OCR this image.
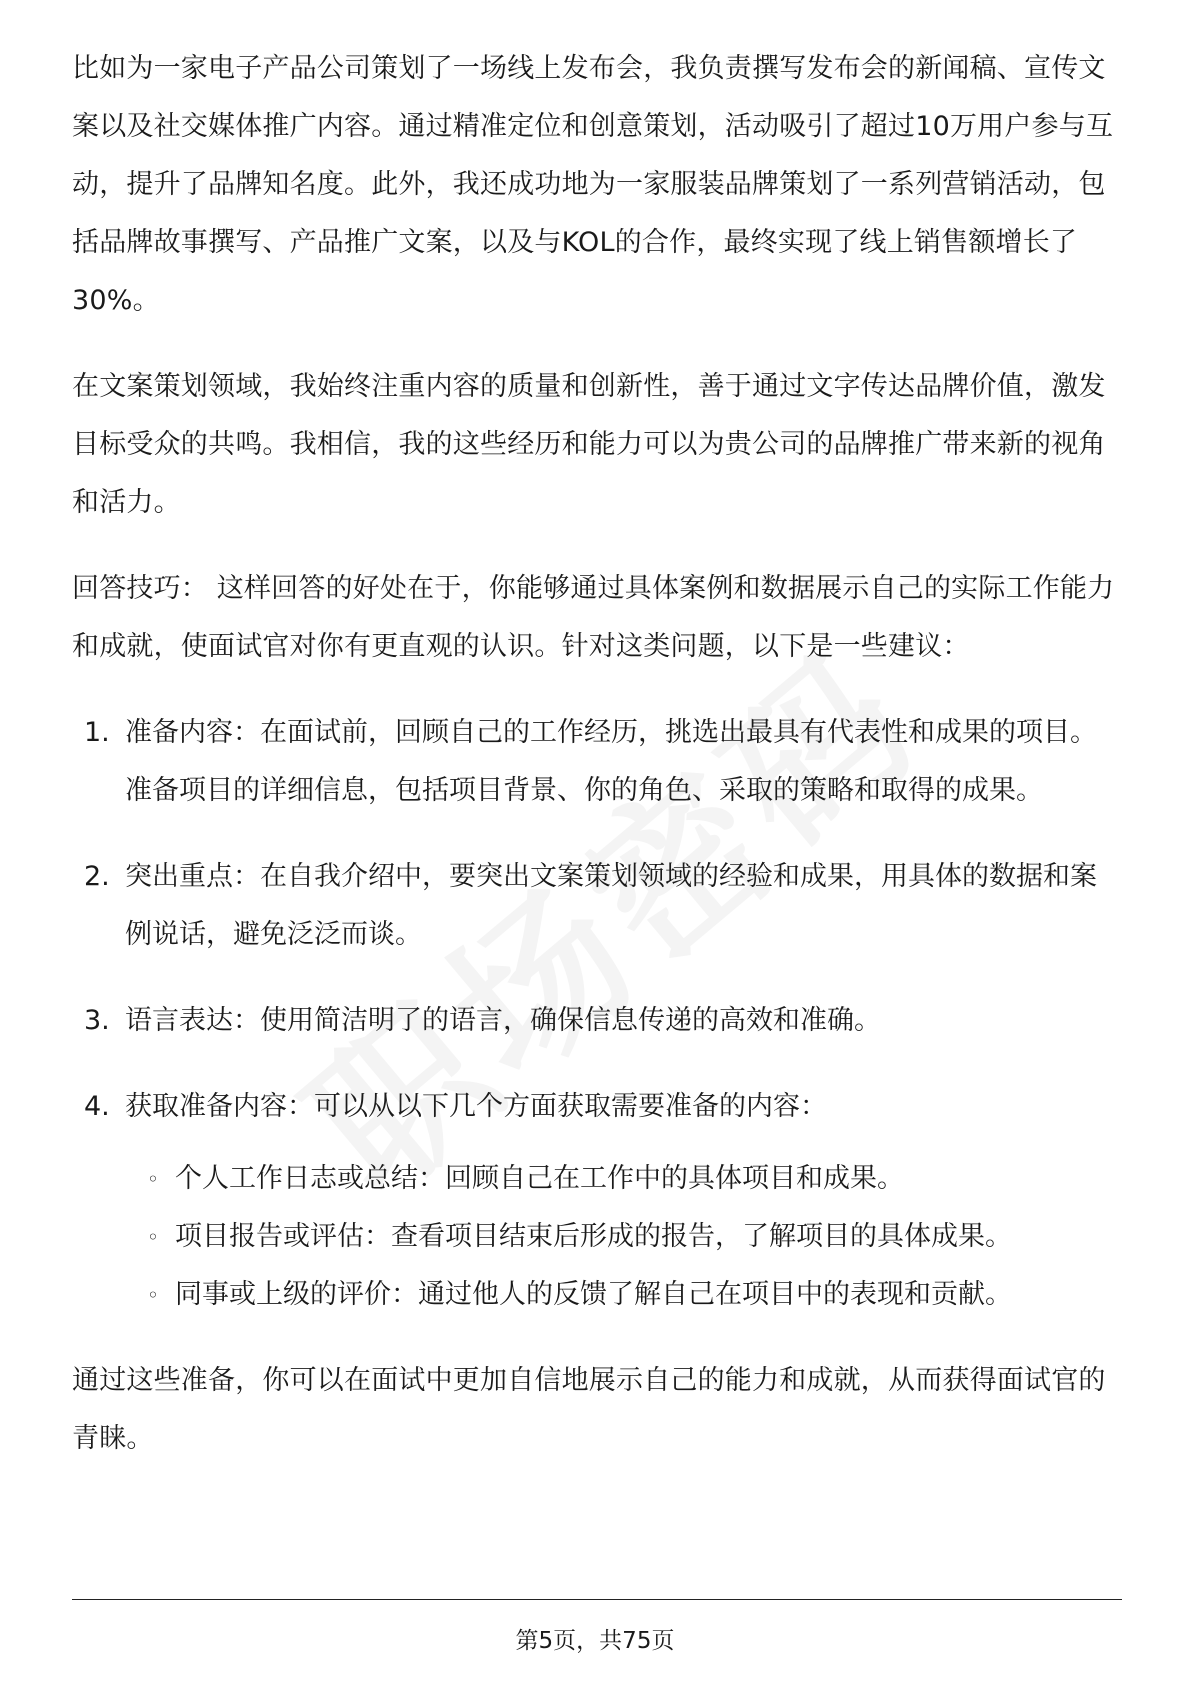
比如为一家电子产品公司策划了一场线上发布会，我负责撰写发布会的新闻稿、宣传文案以及社交媒体推广内容。通过精准定位和创意策划，活动吸引了超过10万用户参与互动，提升了品牌知名度。此外，我还成功地为一家服装品牌策划了一系列营销活动，包括品牌故事撰写、产品推广文案，以及与KOL的合作，最终实现了线上销售额增长了30%。

在文案策划领域，我始终注重内容的质量和创新性，善于通过文字传达品牌价值，激发目标受众的共鸣。我相信，我的这些经历和能力可以为贵公司的品牌推广带来新的视角和活力。

回答技巧： 这样回答的好处在于，你能够通过具体案例和数据展示自己的实际工作能力和成就，使面试官对你有更直观的认识。针对这类问题，以下是一些建议：

1. 准备内容：在面试前，回顾自己的工作经历，挑选出最具有代表性和成果的项目。准备项目的详细信息，包括项目背景、你的角色、采取的策略和取得的成果。
2. 突出重点：在自我介绍中，要突出文案策划领域的经验和成果，用具体的数据和案例说话，避免泛泛而谈。
3. 语言表达：使用简洁明了的语言，确保信息传递的高效和准确。
4. 获取准备内容：可以从以下几个方面获取需要准备的内容：
◦ 个人工作日志或总结：回顾自己在工作中的具体项目和成果。
◦ 项目报告或评估：查看项目结束后形成的报告，了解项目的具体成果。
◦ 同事或上级的评价：通过他人的反馈了解自己在项目中的表现和贡献。

通过这些准备，你可以在面试中更加自信地展示自己的能力和成就，从而获得面试官的青睐。

第5页，共75页
